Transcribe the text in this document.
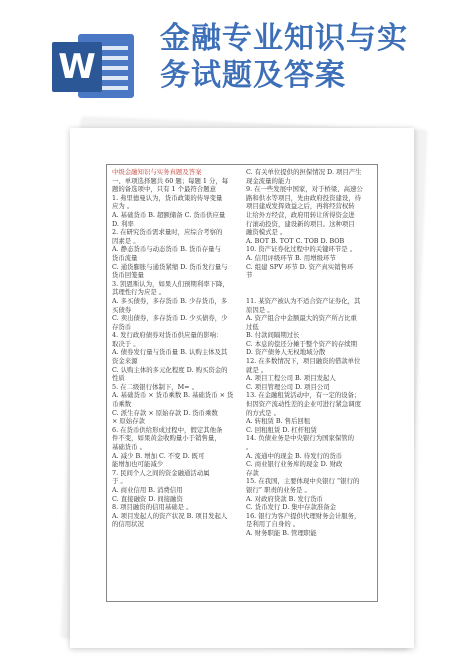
W
金融专业知识与实
务试题及答案
中级金融知识与实务真题及答案
一、单项选择题共 60 题；每题 1 分，每
题的备选项中，只有 1 个最符合题意
1. 弗里德曼认为，货币政策的传导变量
应为 。
A. 基础货币 B. 超额储备 C. 货币供应量
D. 利率
2. 在研究货币需求量时，应综合考察的
因素是 。
A. 静态货币与动态货币 B. 货币存量与
货币流量
C. 通货膨胀与通货紧缩 D. 货币发行量与
货币回笼量
3. 凯恩斯认为，如果人们预期利率下降，
其理性行为应是 。
A. 多买债券，多存货币 B. 少存货币，多
买债券
C. 卖出债券，多存货币 D. 少买债券，少
存货币
4. 发行政府债券对货币供应量的影响：
取决于 。
A. 债券发行量与货币量 B. 认购主体及其
资金来源
C. 认购主体的多元化程度 D. 购买资金的
性质
5. 在二级银行体制下，M= 。
A. 基础货币 × 货币乘数 B. 基础货币 × 货
币乘数
C. 派生存款 × 原始存款 D. 货币乘数
× 原始存款
6. 在货币供给形成过程中，假定其他条
件不变，如果黄金收购量小于销售量，
基础货币 。
A. 减少 B. 增加 C. 不变 D. 既可
能增加也可能减少
7. 民间个人之间的资金融通活动属
于 。
A. 商业信用 B. 消费信用
C. 直接融资 D. 间接融资
8. 项目融资的信用基础是 。
A. 项目发起人的资产状况 B. 项目发起人
的信用状况
C. 有关单位提供的担保情况 D. 项目产生
现金流量的能力
9. 在一些发展中国家，对于桥梁、高速公
路和供水等项目，先由政府投资建设，待
项目建成发挥效益之后，再将经营权转
让给外方经营，政府用转让所得资金进
行滚动投资，建设新的项目。这种项目
融资模式是 。
A. BOT B. TOT C. TOB D. BOB
10. 资产证券化过程中的关键环节是 。
A. 信用评级环节 B. 用增级环节
C. 组建 SPV 环节 D. 资产真实销售环
节
11. 某资产被认为不适合资产证券化，其
原因是 。
A. 资产组合中金额最大的资产所占比重
过低
B. 付款间隔期过长
C. 本息的偿还分摊于整个资产的存续期
D. 资产债务人无权地域分散
12. 在多数情况下，项目融资的借款单位
就是 。
A. 项目工程公司 B. 项目发起人
C. 项目管理公司 D. 项目公司
13. 在金融租赁活动中，有一定的设备；
但因资产流动性差的企业可进行紧急调度
的方式是 。
A. 转租赁 B. 售后回租
C. 回租租赁 D. 杠杆租赁
14. 负债业务是中央银行为国家保管的
。
A. 流通中的现金 B. 待发行的货币
C. 商业银行业务库的现金 D. 财政
存款
15. 在我国，主要体现中央银行 “银行的
银行” 职责的业务是 。
A. 对政府贷款 B. 发行货币
C. 货币发行 D. 集中存款准备金
16. 银行为客户提供代理财务会计服务，
是利用了自身的 。
A. 财务职能 B. 管理职能
